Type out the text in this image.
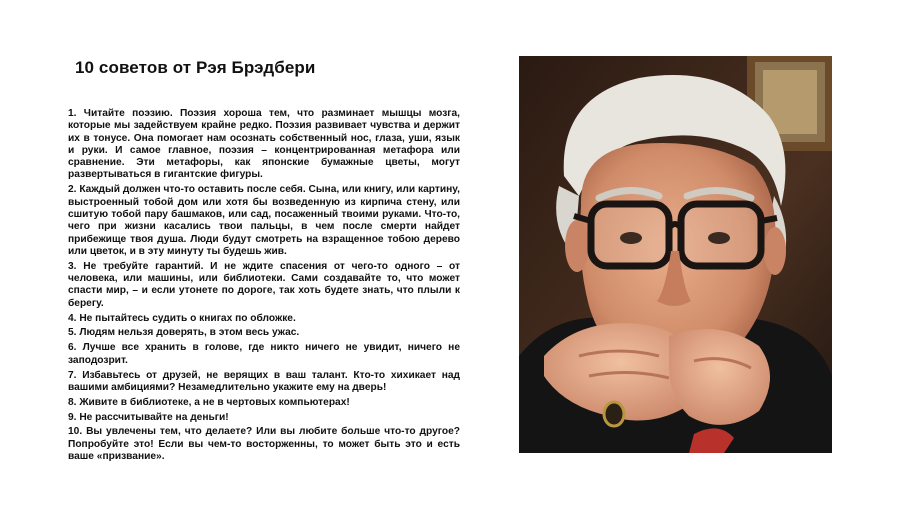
10 советов от Рэя Брэдбери

1. Читайте поэзию. Поэзия хороша тем, что разминает мышцы мозга, которые мы задействуем крайне редко. Поэзия развивает чувства и держит их в тонусе. Она помогает нам осознать собственный нос, глаза, уши, язык и руки. И самое главное, поэзия – концентрированная метафора или сравнение. Эти метафоры, как японские бумажные цветы, могут развертываться в гигантские фигуры.

2. Каждый должен что-то оставить после себя. Сына, или книгу, или картину, выстроенный тобой дом или хотя бы возведенную из кирпича стену, или сшитую тобой пару башмаков, или сад, посаженный твоими руками. Что-то, чего при жизни касались твои пальцы, в чем после смерти найдет прибежище твоя душа. Люди будут смотреть на взращенное тобою дерево или цветок, и в эту минуту ты будешь жив.

3. Не требуйте гарантий. И не ждите спасения от чего-то одного – от человека, или машины, или библиотеки. Сами создавайте то, что может спасти мир, – и если утонете по дороге, так хоть будете знать, что плыли к берегу.

4. Не пытайтесь судить о книгах по обложке.

5. Людям нельзя доверять, в этом весь ужас.

6. Лучше все хранить в голове, где никто ничего не увидит, ничего не заподозрит.

7. Избавьтесь от друзей, не верящих в ваш талант. Кто-то хихикает над вашими амбициями? Незамедлительно укажите ему на дверь!

8. Живите в библиотеке, а не в чертовых компьютерах!

9. Не рассчитывайте на деньги!

10. Вы увлечены тем, что делаете? Или вы любите больше что-то другое? Попробуйте это! Если вы чем-то восторженны, то может быть это и есть ваше «призвание».
